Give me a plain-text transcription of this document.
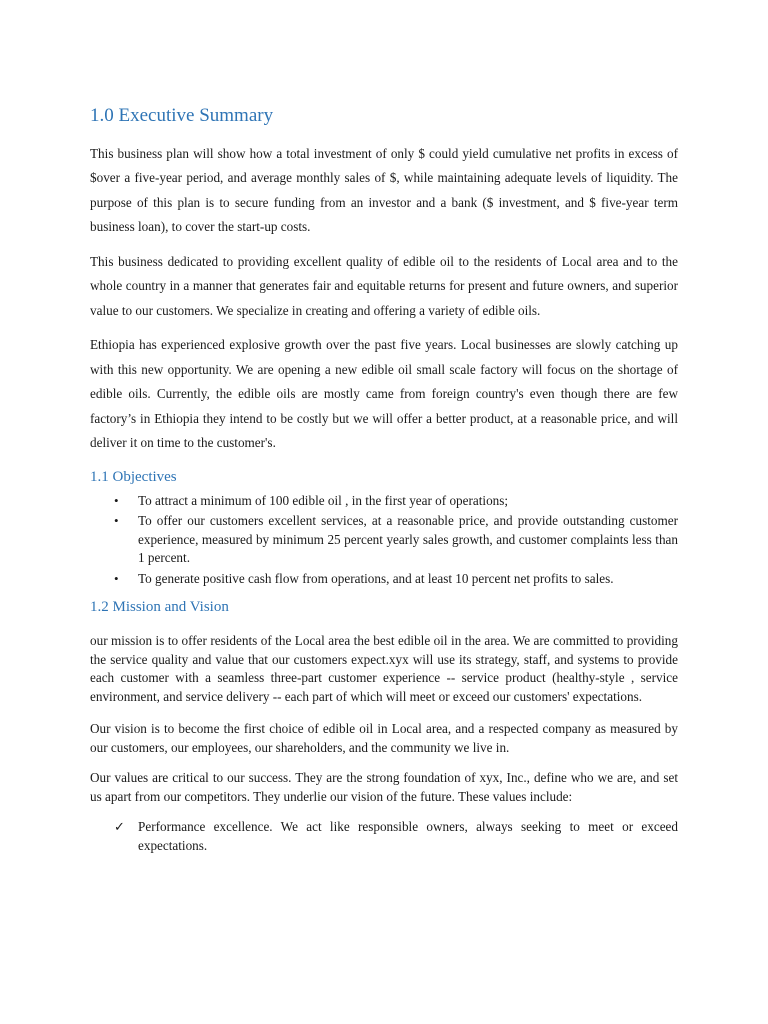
1.0 Executive Summary

This business plan will show how a total investment of only $ could yield cumulative net profits in excess of $over a five-year period, and average monthly sales of $, while maintaining adequate levels of liquidity. The purpose of this plan is to secure funding from an investor and a bank ($ investment, and $ five-year term business loan), to cover the start-up costs.

This business dedicated to providing excellent quality of edible oil to the residents of Local area and to the whole country in a manner that generates fair and equitable returns for present and future owners, and superior value to our customers. We specialize in creating and offering a variety of edible oils.

Ethiopia has experienced explosive growth over the past five years. Local businesses are slowly catching up with this new opportunity. We are opening a new edible oil small scale factory will focus on the shortage of edible oils. Currently, the edible oils are mostly came from foreign country's even though there are few factory’s in Ethiopia they intend to be costly but we will offer a better product, at a reasonable price, and will deliver it on time to the customer's.

1.1 Objectives
•	To attract a minimum of 100 edible oil , in the first year of operations;
•	To offer our customers excellent services, at a reasonable price, and provide outstanding customer experience, measured by minimum 25 percent yearly sales growth, and customer complaints less than 1 percent.
•	To generate positive cash flow from operations, and at least 10 percent net profits to sales.
1.2 Mission and Vision

our mission is to offer residents of the Local area the best edible oil in the area. We are committed to providing the service quality and value that our customers expect.xyx will use its strategy, staff, and systems to provide each customer with a seamless three-part customer experience -- service product (healthy-style , service environment, and service delivery -- each part of which will meet or exceed our customers' expectations.

Our vision is to become the first choice of edible oil in Local area, and a respected company as measured by our customers, our employees, our shareholders, and the community we live in.

Our values are critical to our success. They are the strong foundation of xyx, Inc., define who we are, and set us apart from our competitors. They underlie our vision of the future. These values include:

✓ Performance excellence. We act like responsible owners, always seeking to meet or exceed expectations.
